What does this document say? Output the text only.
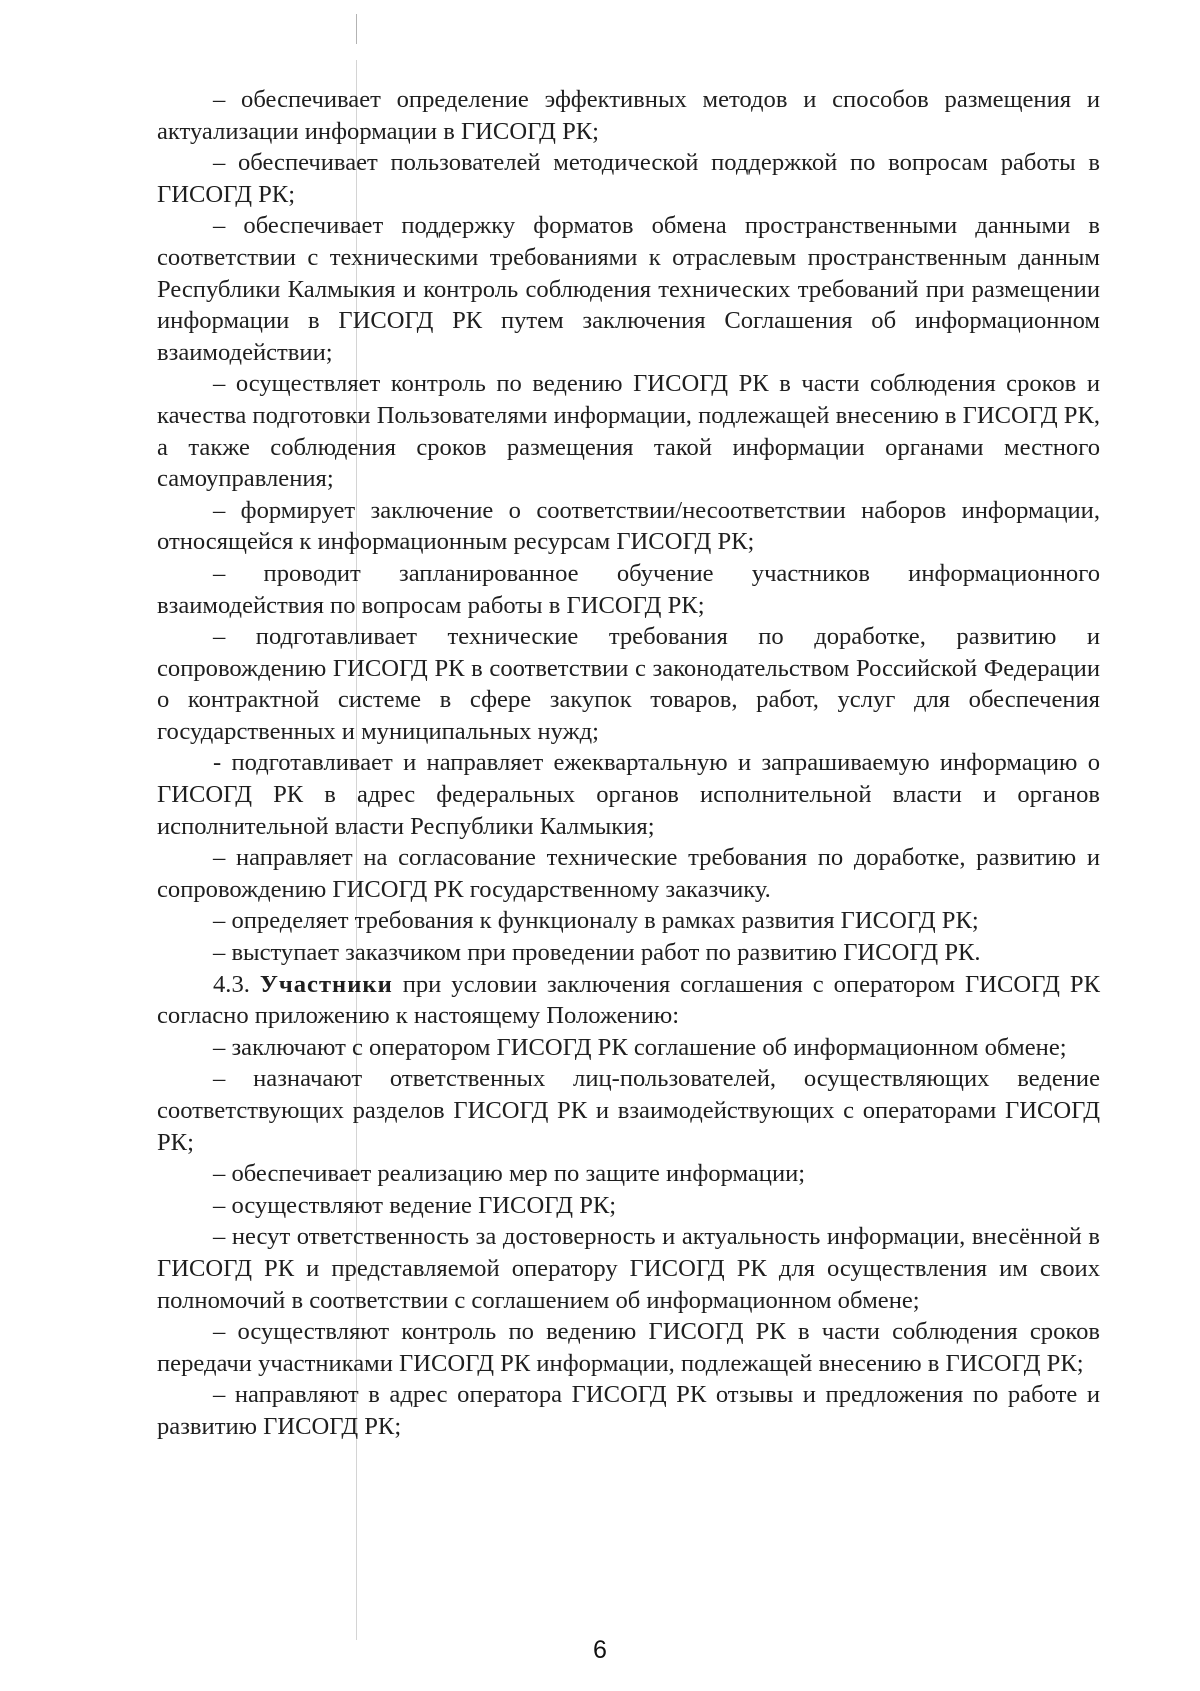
– обеспечивает определение эффективных методов и способов размещения и актуализации информации в ГИСОГД РК;

– обеспечивает пользователей методической поддержкой по вопросам работы в ГИСОГД РК;

– обеспечивает поддержку форматов обмена пространственными данными в соответствии с техническими требованиями к отраслевым пространственным данным Республики Калмыкия и контроль соблюдения технических требований при размещении информации в ГИСОГД РК путем заключения Соглашения об информационном взаимодействии;

– осуществляет контроль по ведению ГИСОГД РК в части соблюдения сроков и качества подготовки Пользователями информации, подлежащей внесению в ГИСОГД РК, а также соблюдения сроков размещения такой информации органами местного самоуправления;

– формирует заключение о соответствии/несоответствии наборов информации, относящейся к информационным ресурсам ГИСОГД РК;

– проводит запланированное обучение участников информационного взаимодействия по вопросам работы в ГИСОГД РК;

– подготавливает технические требования по доработке, развитию и сопровождению ГИСОГД РК в соответствии с законодательством Российской Федерации о контрактной системе в сфере закупок товаров, работ, услуг для обеспечения государственных и муниципальных нужд;

- подготавливает и направляет ежеквартальную и запрашиваемую информацию о ГИСОГД РК в адрес федеральных органов исполнительной власти и органов исполнительной власти Республики Калмыкия;

– направляет на согласование технические требования по доработке, развитию и сопровождению ГИСОГД РК государственному заказчику.

– определяет требования к функционалу в рамках развития ГИСОГД РК;

– выступает заказчиком при проведении работ по развитию ГИСОГД РК.

4.3. Участники при условии заключения соглашения с оператором ГИСОГД РК согласно приложению к настоящему Положению:

– заключают с оператором ГИСОГД РК соглашение об информационном обмене;

– назначают ответственных лиц-пользователей, осуществляющих ведение соответствующих разделов ГИСОГД РК и взаимодействующих с операторами ГИСОГД РК;

– обеспечивает реализацию мер по защите информации;

– осуществляют ведение ГИСОГД РК;

– несут ответственность за достоверность и актуальность информации, внесённой в ГИСОГД РК и представляемой оператору ГИСОГД РК для осуществления им своих полномочий в соответствии с соглашением об информационном обмене;

– осуществляют контроль по ведению ГИСОГД РК в части соблюдения сроков передачи участниками ГИСОГД РК информации, подлежащей внесению в ГИСОГД РК;

– направляют в адрес оператора ГИСОГД РК отзывы и предложения по работе и развитию ГИСОГД РК;

6
